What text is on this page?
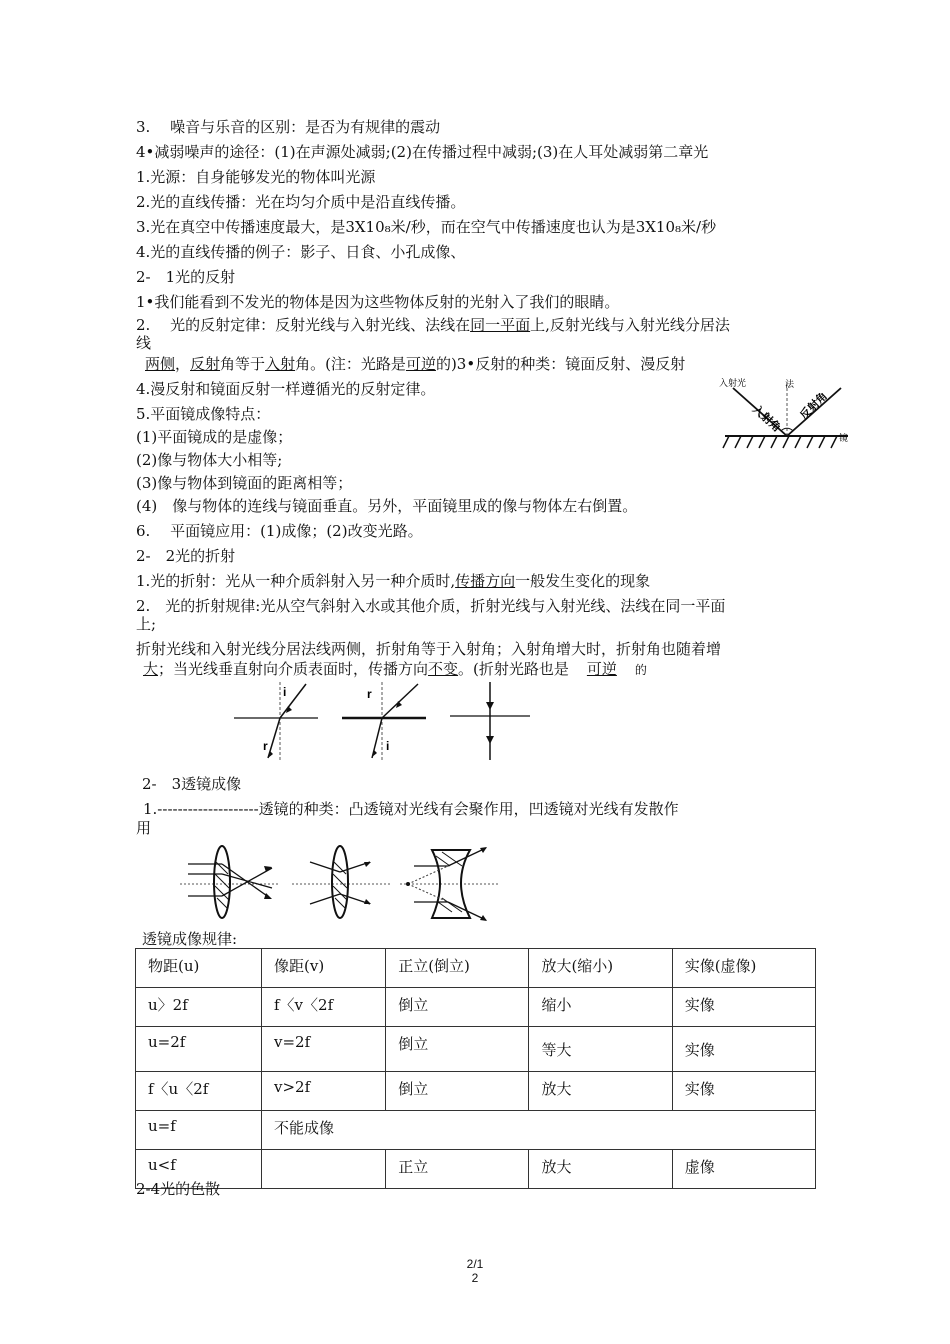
3.　 噪音与乐音的区别：是否为有规律的震动
4•减弱噪声的途径：(1)在声源处减弱;(2)在传播过程中减弱;(3)在人耳处减弱第二章光
1.光源：自身能够发光的物体叫光源
2.光的直线传播：光在均匀介质中是沿直线传播。
3.光在真空中传播速度最大，是3X10₈米/秒，而在空气中传播速度也认为是3X10₈米/秒
4.光的直线传播的例子：影子、日食、小孔成像、
2-　1光的反射
1•我们能看到不发光的物体是因为这些物体反射的光射入了我们的眼睛。
2.　 光的反射定律：反射光线与入射光线、法线在同一平面上,反射光线与入射光线分居法
线
两侧，反射角等于入射角。(注：光路是可逆的)3•反射的种类：镜面反射、漫反射
4.漫反射和镜面反射一样遵循光的反射定律。
5.平面镜成像特点：
(1)平面镜成的是虚像；
(2)像与物体大小相等;
(3)像与物体到镜面的距离相等；
(4)　像与物体的连线与镜面垂直。另外，平面镜里成的像与物体左右倒置。
6.　 平面镜应用：(1)成像；(2)改变光路。
2-　2光的折射
1.光的折射：光从一种介质斜射入另一种介质时,传播方向一般发生变化的现象
2.　光的折射规律:光从空气斜射入水或其他介质，折射光线与入射光线、法线在同一平面
上;
折射光线和入射光线分居法线两侧，折射角等于入射角；入射角增大时，折射角也随着增
大；当光线垂直射向介质表面时，传播方向不变。(折射光路也是 可逆 的
入射角 反射角
入射光	法
镜
i
r
r
i
2-　3透镜成像
1.--------------------透镜的种类：凸透镜对光线有会聚作用，凹透镜对光线有发散作
用
透镜成像规律:
物距(u)	像距(v)	正立(倒立)	放大(缩小)	实像(虚像)
u〉2f	f〈v〈2f	倒立	缩小	实像
u=2f	v=2f	倒立	等大	实像
f〈u〈2f	v>2f	倒立	放大	实像
u=f	不能成像			
u<f		正立	放大	虚像
2-4光的色散
2/1
2
